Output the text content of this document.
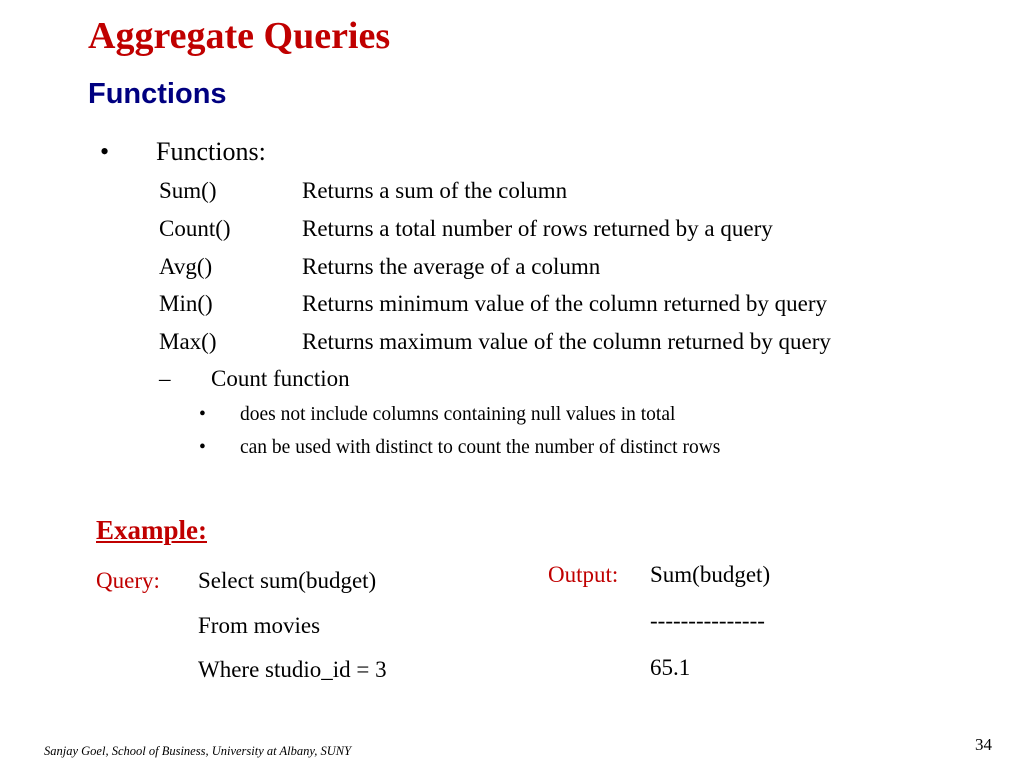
Aggregate Queries
Functions
• Functions:
Sum()	Returns a sum of the column
Count()	Returns a total number of rows returned by a query
Avg()	Returns the average of a column
Min()	Returns minimum value of the column returned by query
Max()	Returns maximum value of the column returned by query
– Count function
• does not include columns containing null values in total
• can be used with distinct to count the number of distinct rows
Example:
Query: Select sum(budget)
From movies
Where studio_id = 3
Output: Sum(budget)
---------------
65.1
Sanjay Goel, School of Business, University at Albany, SUNY	34
